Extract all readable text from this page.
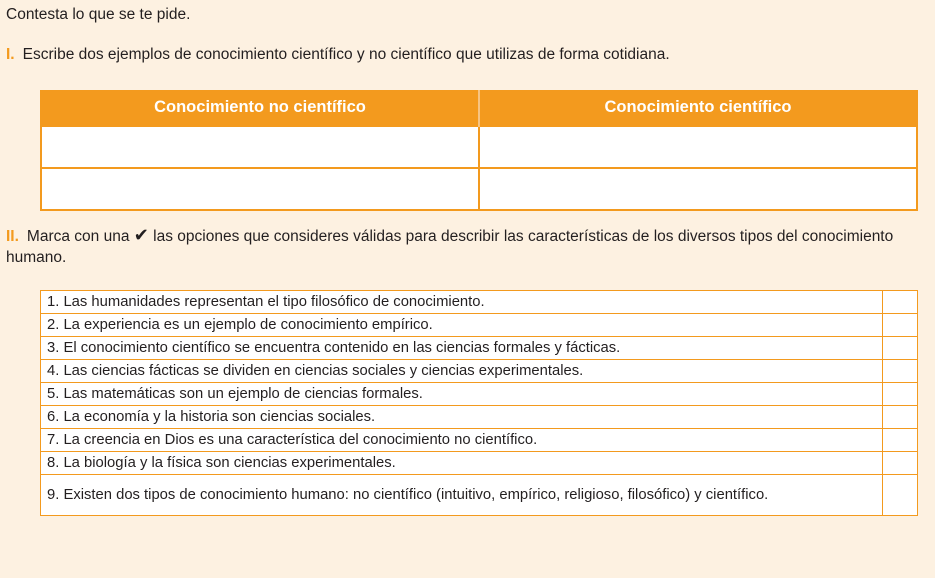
Contesta lo que se te pide.
I. Escribe dos ejemplos de conocimiento científico y no científico que utilizas de forma cotidiana.
Conocimiento no científico	Conocimiento científico

II. Marca con una ✔ las opciones que consideres válidas para describir las características de los diversos tipos del conocimiento humano.
1. Las humanidades representan el tipo filosófico de conocimiento.	
2. La experiencia es un ejemplo de conocimiento empírico.	
3. El conocimiento científico se encuentra contenido en las ciencias formales y fácticas.	
4. Las ciencias fácticas se dividen en ciencias sociales y ciencias experimentales.	
5. Las matemáticas son un ejemplo de ciencias formales.	
6. La economía y la historia son ciencias sociales.	
7. La creencia en Dios es una característica del conocimiento no científico.	
8. La biología y la física son ciencias experimentales.	
9. Existen dos tipos de conocimiento humano: no científico (intuitivo, empírico, religioso, filosófico) y científico.	
